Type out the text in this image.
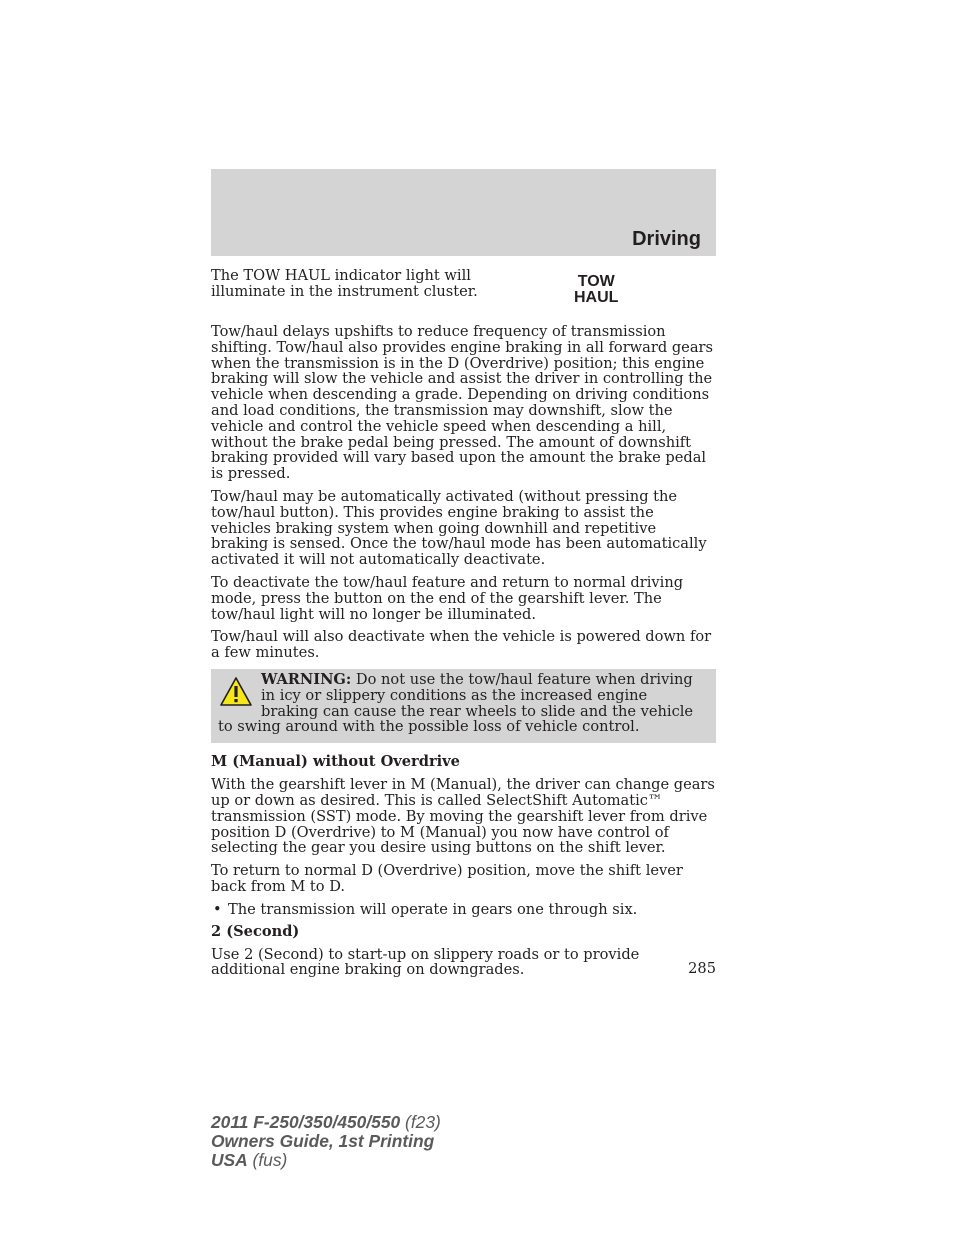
Driving

The TOW HAUL indicator light will illuminate in the instrument cluster.

TOW
HAUL

Tow/haul delays upshifts to reduce frequency of transmission shifting. Tow/haul also provides engine braking in all forward gears when the transmission is in the D (Overdrive) position; this engine braking will slow the vehicle and assist the driver in controlling the vehicle when descending a grade. Depending on driving conditions and load conditions, the transmission may downshift, slow the vehicle and control the vehicle speed when descending a hill, without the brake pedal being pressed. The amount of downshift braking provided will vary based upon the amount the brake pedal is pressed.

Tow/haul may be automatically activated (without pressing the tow/haul button). This provides engine braking to assist the vehicles braking system when going downhill and repetitive braking is sensed. Once the tow/haul mode has been automatically activated it will not automatically deactivate.

To deactivate the tow/haul feature and return to normal driving mode, press the button on the end of the gearshift lever. The tow/haul light will no longer be illuminated.

Tow/haul will also deactivate when the vehicle is powered down for a few minutes.

WARNING: Do not use the tow/haul feature when driving in icy or slippery conditions as the increased engine braking can cause the rear wheels to slide and the vehicle to swing around with the possible loss of vehicle control.

M (Manual) without Overdrive

With the gearshift lever in M (Manual), the driver can change gears up or down as desired. This is called SelectShift Automatic™ transmission (SST) mode. By moving the gearshift lever from drive position D (Overdrive) to M (Manual) you now have control of selecting the gear you desire using buttons on the shift lever.

To return to normal D (Overdrive) position, move the shift lever back from M to D.

• The transmission will operate in gears one through six.
2 (Second)

Use 2 (Second) to start-up on slippery roads or to provide additional engine braking on downgrades.	285
2011 F-250/350/450/550 (f23)
Owners Guide, 1st Printing
USA (fus)
